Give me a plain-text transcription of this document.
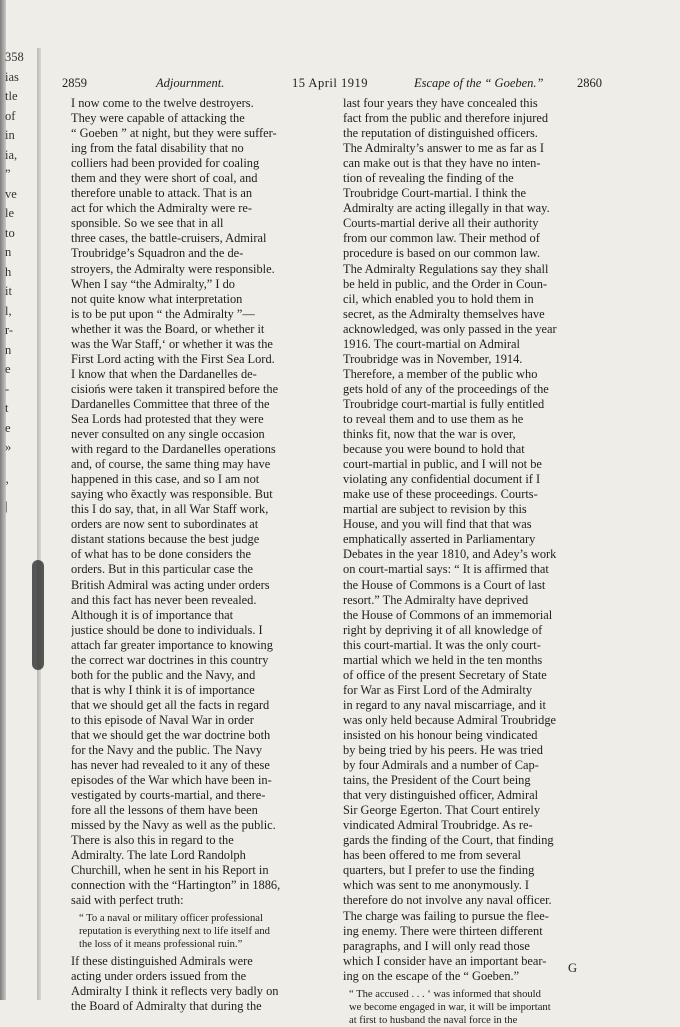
358
ias
tle
of
in
ia,
”
ve
le
to
n
h
it
l,
r-
n
e
-
t
e
»
’
|
2859	Adjournment.	15 April 1919	Escape of the “ Goeben.”	2860
I now come to the twelve destroyers.
They were capable of attacking the
“ Goeben ” at night, but they were suffer-
ing from the fatal disability that no
colliers had been provided for coaling
them and they were short of coal, and
therefore unable to attack. That is an
act for which the Admiralty were re-
sponsible. So we see that in all
three cases, the battle-cruisers, Admiral
Troubridge’s Squadron and the de-
stroyers, the Admiralty were responsible.
When I say “the Admiralty,” I do
not quite know what interpretation
is to be put upon “ the Admiralty ”—
whether it was the Board, or whether it
was the War Staff,‘ or whether it was the
First Lord acting with the First Sea Lord.
I know that when the Dardanelles de-
cisiońs were taken it transpired before the
Dardanelles Committee that three of the
Sea Lords had protested that they were
never consulted on any single occasion
with regard to the Dardanelles operations
and, of course, the same thing may have
happened in this case, and so I am not
saying who ĕxactly was responsible. But
this I do say, that, in all War Staff work,
orders are now sent to subordinates at
distant stations because the best judge
of what has to be done considers the
orders. But in this particular case the
British Admiral was acting under orders
and this fact has never been revealed.
Although it is of importance that
justice should be done to individuals. I
attach far greater importance to knowing
the correct war doctrines in this country
both for the public and the Navy, and
that is why I think it is of importance
that we should get all the facts in regard
to this episode of Naval War in order
that we should get the war doctrine both
for the Navy and the public. The Navy
has never had revealed to it any of these
episodes of the War which have been in-
vestigated by courts-martial, and there-
fore all the lessons of them have been
missed by the Navy as well as the public.
There is also this in regard to the
Admiralty. The late Lord Randolph
Churchill, when he sent in his Report in
connection with the “Hartington” in 1886,
said with perfect truth:
“ To a naval or military officer professional
reputation is everything next to life itself and
the loss of it means professional ruin.”
If these distinguished Admirals were
acting under orders issued from the
Admiralty I think it reflects very badly on
the Board of Admiralty that during the
last four years they have concealed this
fact from the public and therefore injured
the reputation of distinguished officers.
The Admiralty’s answer to me as far as I
can make out is that they have no inten-
tion of revealing the finding of the
Troubridge Court-martial. I think the
Admiralty are acting illegally in that way.
Courts-martial derive all their authority
from our common law. Their method of
procedure is based on our common law.
The Admiralty Regulations say they shall
be held in public, and the Order in Coun-
cil, which enabled you to hold them in
secret, as the Admiralty themselves have
acknowledged, was only passed in the year
1916. The court-martial on Admiral
Troubridge was in November, 1914.
Therefore, a member of the public who
gets hold of any of the proceedings of the
Troubridge court-martial is fully entitled
to reveal them and to use them as he
thinks fit, now that the war is over,
because you were bound to hold that
court-martial in public, and I will not be
violating any confidential document if I
make use of these proceedings. Courts-
martial are subject to revision by this
House, and you will find that that was
emphatically asserted in Parliamentary
Debates in the year 1810, and Adey’s work
on court-martial says: “ It is affirmed that
the House of Commons is a Court of last
resort.” The Admiralty have deprived
the House of Commons of an immemorial
right by depriving it of all knowledge of
this court-martial. It was the only court-
martial which we held in the ten months
of office of the present Secretary of State
for War as First Lord of the Admiralty
in regard to any naval miscarriage, and it
was only held because Admiral Troubridge
insisted on his honour being vindicated
by being tried by his peers. He was tried
by four Admirals and a number of Cap-
tains, the President of the Court being
that very distinguished officer, Admiral
Sir George Egerton. That Court entirely
vindicated Admiral Troubridge. As re-
gards the finding of the Court, that finding
has been offered to me from several
quarters, but I prefer to use the finding
which was sent to me anonymously. I
therefore do not involve any naval officer.
The charge was failing to pursue the flee-
ing enemy. There were thirteen different
paragraphs, and I will only read those
which I consider have an important bear-
ing on the escape of the “ Goeben.”
“ The accused . . . ‘ was informed that should
we become engaged in war, it will be important
at first to husband the naval force in the
G
